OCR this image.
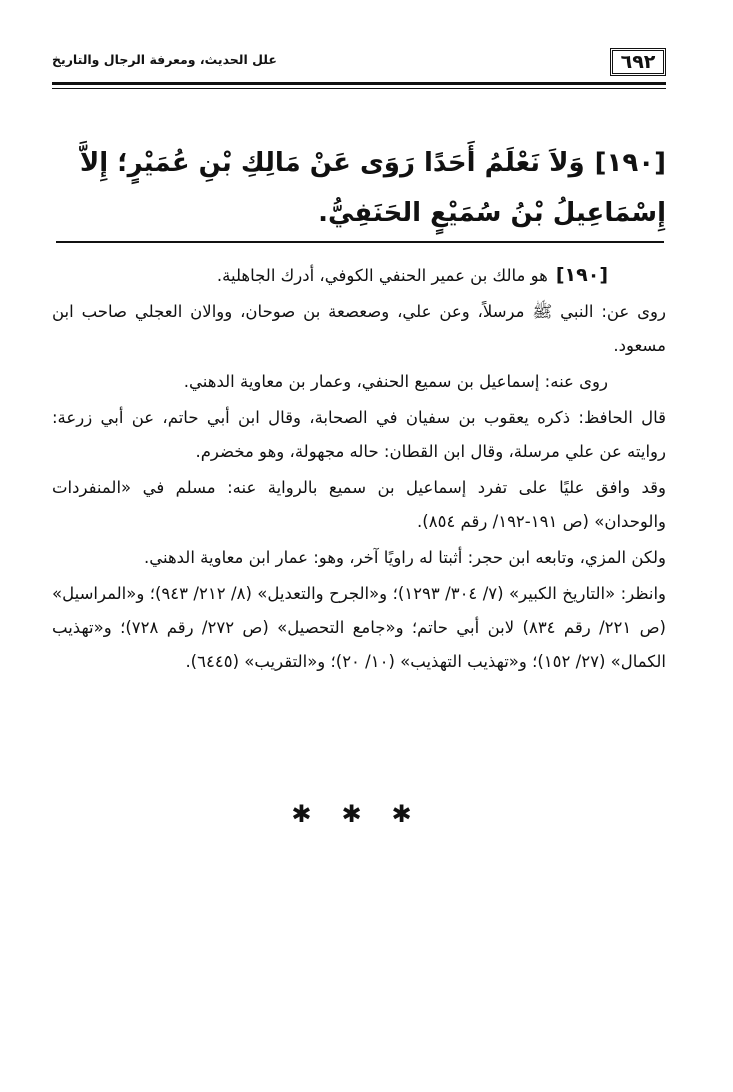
٦٩٢
علل الحديث، ومعرفة الرجال والتاريخ
[١٩٠]وَلاَ نَعْلَمُ أَحَدًا رَوَى عَنْ مَالِكِ بْنِ عُمَيْرٍ؛ إِلاَّ إِسْمَاعِيلُ بْنُ سُمَيْعٍ الحَنَفِيُّ.

[١٩٠]هو مالك بن عمير الحنفي الكوفي، أدرك الجاهلية.

روى عن: النبي ﷺ مرسلاً، وعن علي، وصعصعة بن صوحان، ووالان العجلي صاحب ابن مسعود.

روى عنه: إسماعيل بن سميع الحنفي، وعمار بن معاوية الدهني.

قال الحافظ: ذكره يعقوب بن سفيان في الصحابة، وقال ابن أبي حاتم، عن أبي زرعة: روايته عن علي مرسلة، وقال ابن القطان: حاله مجهولة، وهو مخضرم.

وقد وافق عليًا على تفرد إسماعيل بن سميع بالرواية عنه: مسلم في «المنفردات والوحدان» (ص ١٩١-١٩٢/ رقم ٨٥٤).

ولكن المزي، وتابعه ابن حجر: أثبتا له راويًا آخر، وهو: عمار ابن معاوية الدهني.

وانظر: «التاريخ الكبير» (٧/ ٣٠٤/ ١٢٩٣)؛ و«الجرح والتعديل» (٨/ ٢١٢/ ٩٤٣)؛ و«المراسيل» (ص ٢٢١/ رقم ٨٣٤) لابن أبي حاتم؛ و«جامع التحصيل» (ص ٢٧٢/ رقم ٧٢٨)؛ و«تهذيب الكمال» (٢٧/ ١٥٢)؛ و«تهذيب التهذيب» (١٠/ ٢٠)؛ و«التقريب» (٦٤٤٥).

✱✱✱
